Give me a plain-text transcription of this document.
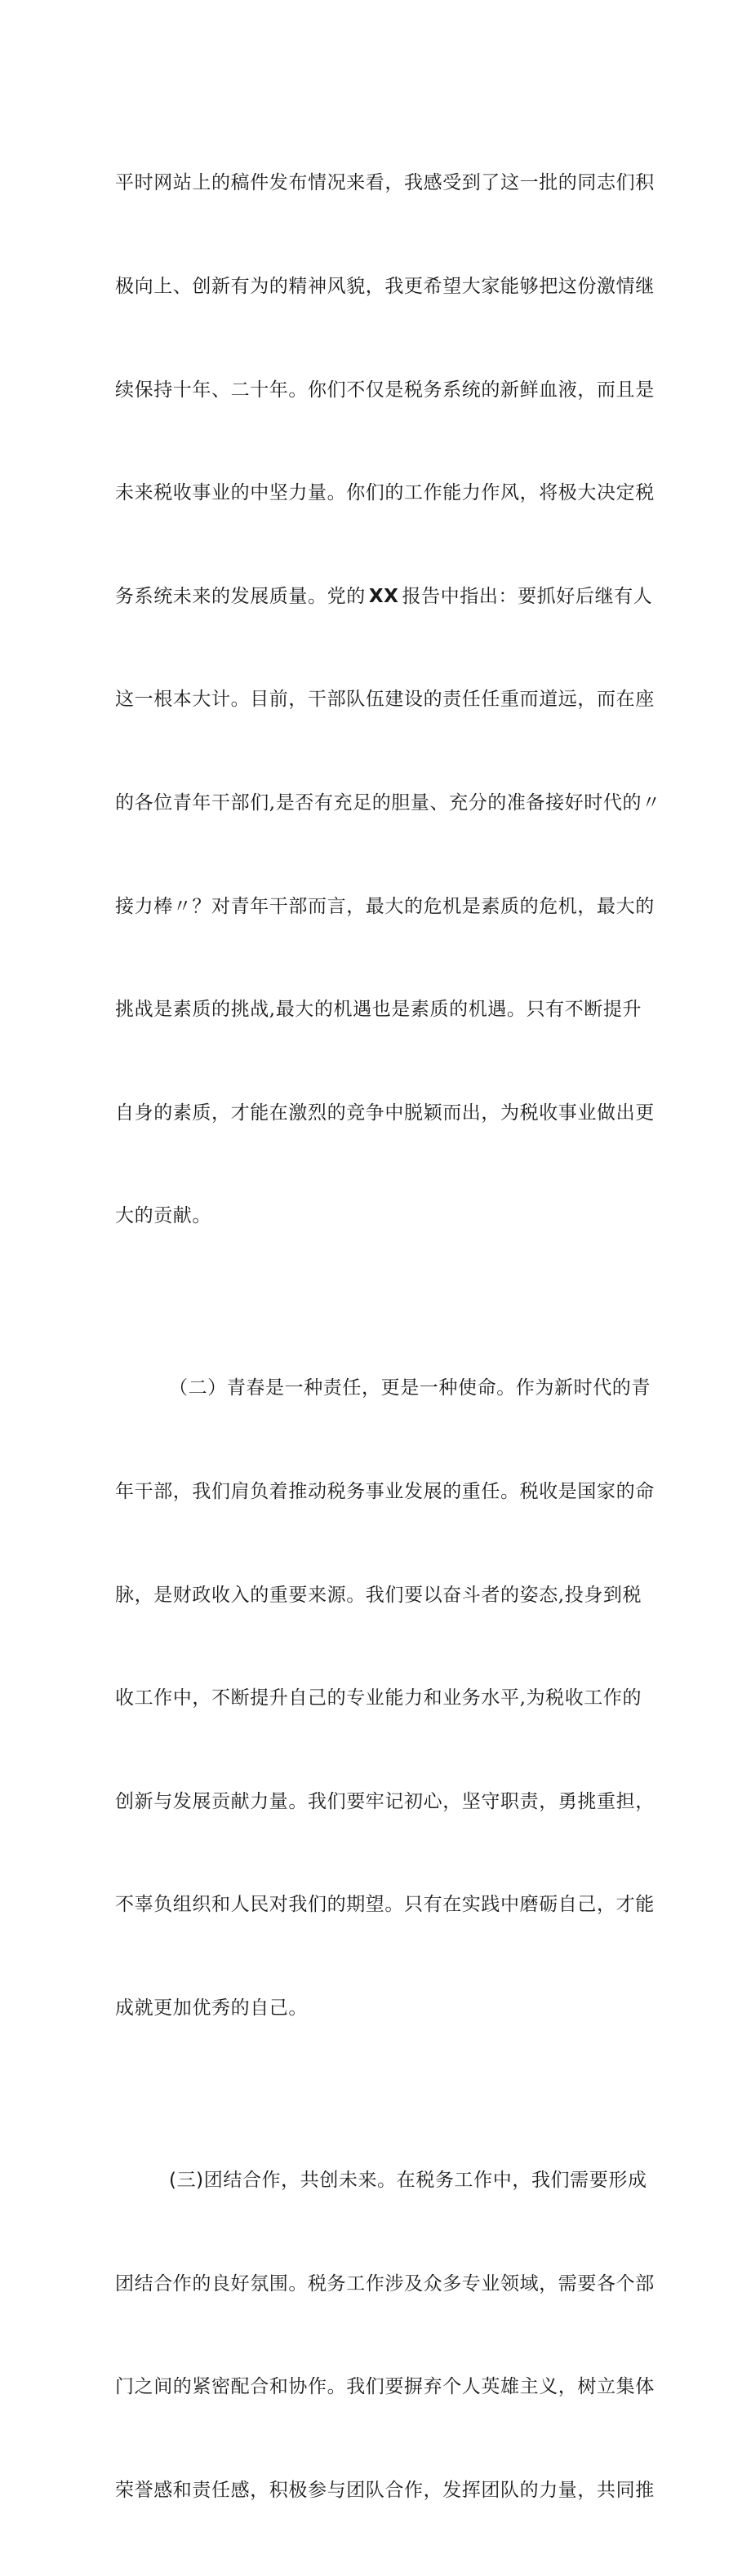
平时网站上的稿件发布情况来看，我感受到了这一批的同志们积

极向上、创新有为的精神风貌，我更希望大家能够把这份激情继

续保持十年、二十年。你们不仅是税务系统的新鲜血液，而且是

未来税收事业的中坚力量。你们的工作能力作风，将极大决定税

务系统未来的发展质量。党的 XX 报告中指出：要抓好后继有人

这一根本大计。目前，干部队伍建设的责任任重而道远，而在座

的各位青年干部们,是否有充足的胆量、充分的准备接好时代的〃

接力棒〃？对青年干部而言，最大的危机是素质的危机，最大的

挑战是素质的挑战,最大的机遇也是素质的机遇。只有不断提升

自身的素质，才能在激烈的竞争中脱颖而出，为税收事业做出更

大的贡献。

（二）青春是一种责任，更是一种使命。作为新时代的青

年干部，我们肩负着推动税务事业发展的重任。税收是国家的命

脉，是财政收入的重要来源。我们要以奋斗者的姿态,投身到税

收工作中，不断提升自己的专业能力和业务水平,为税收工作的

创新与发展贡献力量。我们要牢记初心，坚守职责，勇挑重担，

不辜负组织和人民对我们的期望。只有在实践中磨砺自己，才能

成就更加优秀的自己。

(三)团结合作，共创未来。在税务工作中，我们需要形成

团结合作的良好氛围。税务工作涉及众多专业领域，需要各个部

门之间的紧密配合和协作。我们要摒弃个人英雄主义，树立集体

荣誉感和责任感，积极参与团队合作，发挥团队的力量，共同推
